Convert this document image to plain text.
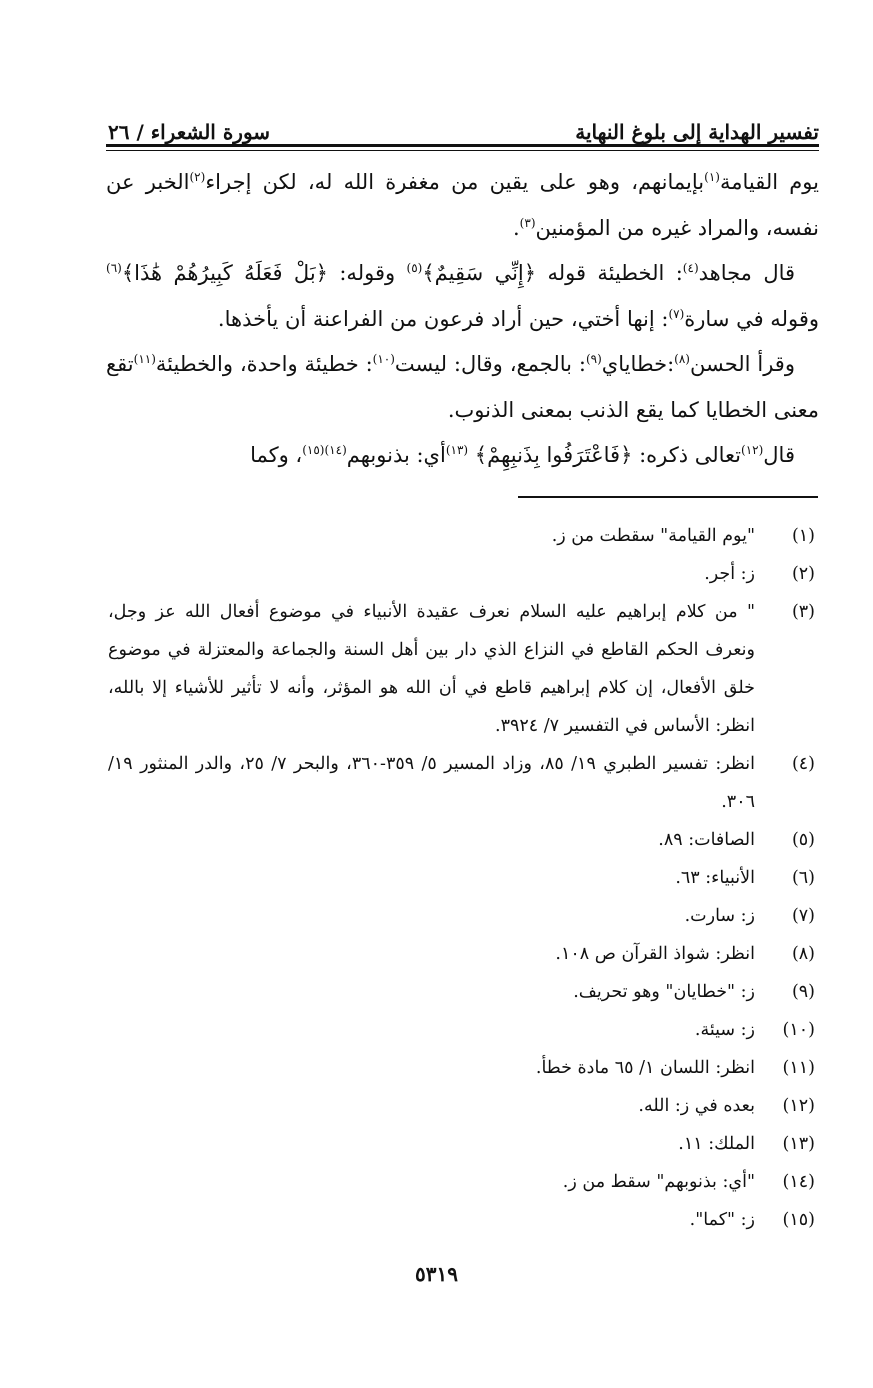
تفسير الهداية إلى بلوغ النهاية
سورة الشعراء / ٢٦

يوم القيامة$^{(١)}$بإيمانهم، وهو على يقين من مغفرة الله له، لكن إجراء$^{(٢)}$الخبر عن نفسه، والمراد غيره من المؤمنين$^{(٣)}$.

قال مجاهد$^{(٤)}$: الخطيئة قوله ﴿إِنِّي سَقِيمٌ﴾$^{(٥)}$ وقوله: ﴿بَلْ فَعَلَهُ كَبِيرُهُمْ هَٰذَا﴾$^{(٦)}$ وقوله في سارة$^{(٧)}$: إنها أختي، حين أراد فرعون من الفراعنة أن يأخذها.

وقرأ الحسن$^{(٨)}$:خطاياي$^{(٩)}$: بالجمع، وقال: ليست$^{(١٠)}$: خطيئة واحدة، والخطيئة$^{(١١)}$تقع معنى الخطايا كما يقع الذنب بمعنى الذنوب.

قال$^{(١٢)}$تعالى ذكره: ﴿فَاعْتَرَفُوا بِذَنبِهِمْ﴾ $^{(١٣)}$أي: بذنوبهم$^{(١٤)(١٥)}$، وكما

(١)
"يوم القيامة" سقطت من ز.
(٢)
ز: أجر.
(٣)
" من كلام إبراهيم عليه السلام نعرف عقيدة الأنبياء في موضوع أفعال الله عز وجل، ونعرف الحكم القاطع في النزاع الذي دار بين أهل السنة والجماعة والمعتزلة في موضوع خلق الأفعال، إن كلام إبراهيم قاطع في أن الله هو المؤثر، وأنه لا تأثير للأشياء إلا بالله، انظر: الأساس في التفسير ٧/ ٣٩٢٤.
(٤)
انظر: تفسير الطبري ١٩/ ٨٥، وزاد المسير ٥/ ٣٥٩-٣٦٠، والبحر ٧/ ٢٥، والدر المنثور ١٩/ ٣٠٦.
(٥)
الصافات: ٨٩.
(٦)
الأنبياء: ٦٣.
(٧)
ز: سارت.
(٨)
انظر: شواذ القرآن ص ١٠٨.
(٩)
ز: "خطايان" وهو تحريف.
(١٠)
ز: سيئة.
(١١)
انظر: اللسان ١/ ٦٥ مادة خطأ.
(١٢)
بعده في ز: الله.
(١٣)
الملك: ١١.
(١٤)
"أي: بذنوبهم" سقط من ز.
(١٥)
ز: "كما".
٥٣١٩
